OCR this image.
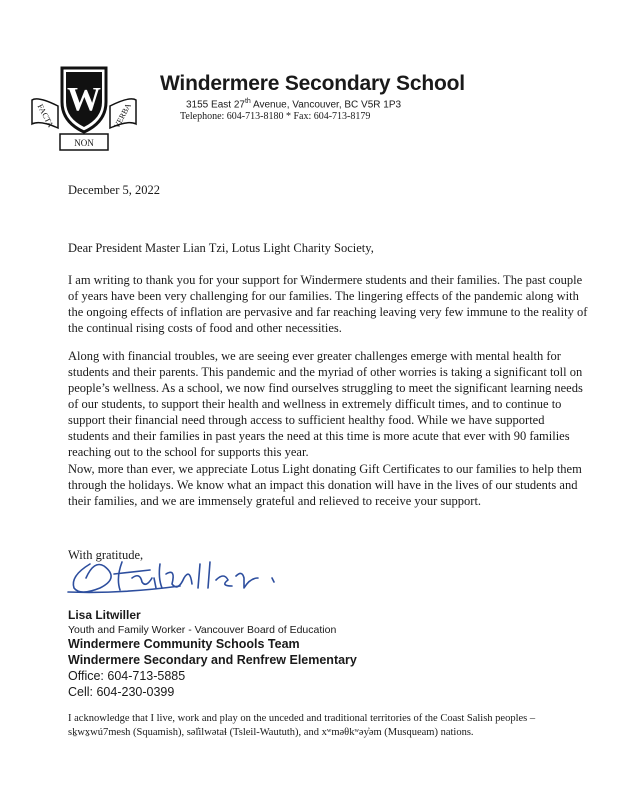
W
FACTA	VERBA
NON
Windermere Secondary School
3155 East 27th Avenue, Vancouver, BC V5R 1P3
Telephone: 604-713-8180 * Fax: 604-713-8179
December 5, 2022
Dear President Master Lian Tzi, Lotus Light Charity Society,
I am writing to thank you for your support for Windermere students and their families. The past couple of years have been very challenging for our families. The lingering effects of the pandemic along with the ongoing effects of inflation are pervasive and far reaching leaving very few immune to the reality of the continual rising costs of food and other necessities.
Along with financial troubles, we are seeing ever greater challenges emerge with mental health for students and their parents. This pandemic and the myriad of other worries is taking a significant toll on people’s wellness. As a school, we now find ourselves struggling to meet the significant learning needs of our students, to support their health and wellness in extremely difficult times, and to continue to support their financial need through access to sufficient healthy food. While we have supported students and their families in past years the need at this time is more acute that ever with 90 families reaching out to the school for supports this year.
Now, more than ever, we appreciate Lotus Light donating Gift Certificates to our families to help them through the holidays. We know what an impact this donation will have in the lives of our students and their families, and we are immensely grateful and relieved to receive your support.
With gratitude,
Lisa Litwiller
Youth and Family Worker - Vancouver Board of Education
Windermere Community Schools Team
Windermere Secondary and Renfrew Elementary
Office: 604-713-5885
Cell: 604-230-0399
I acknowledge that I live, work and play on the unceded and traditional territories of the Coast Salish peoples – sḵwx̱wú7mesh (Squamish), səl̓ilwətaɬ (Tsleil-Waututh), and xʷməθkʷəy̓əm (Musqueam) nations.
